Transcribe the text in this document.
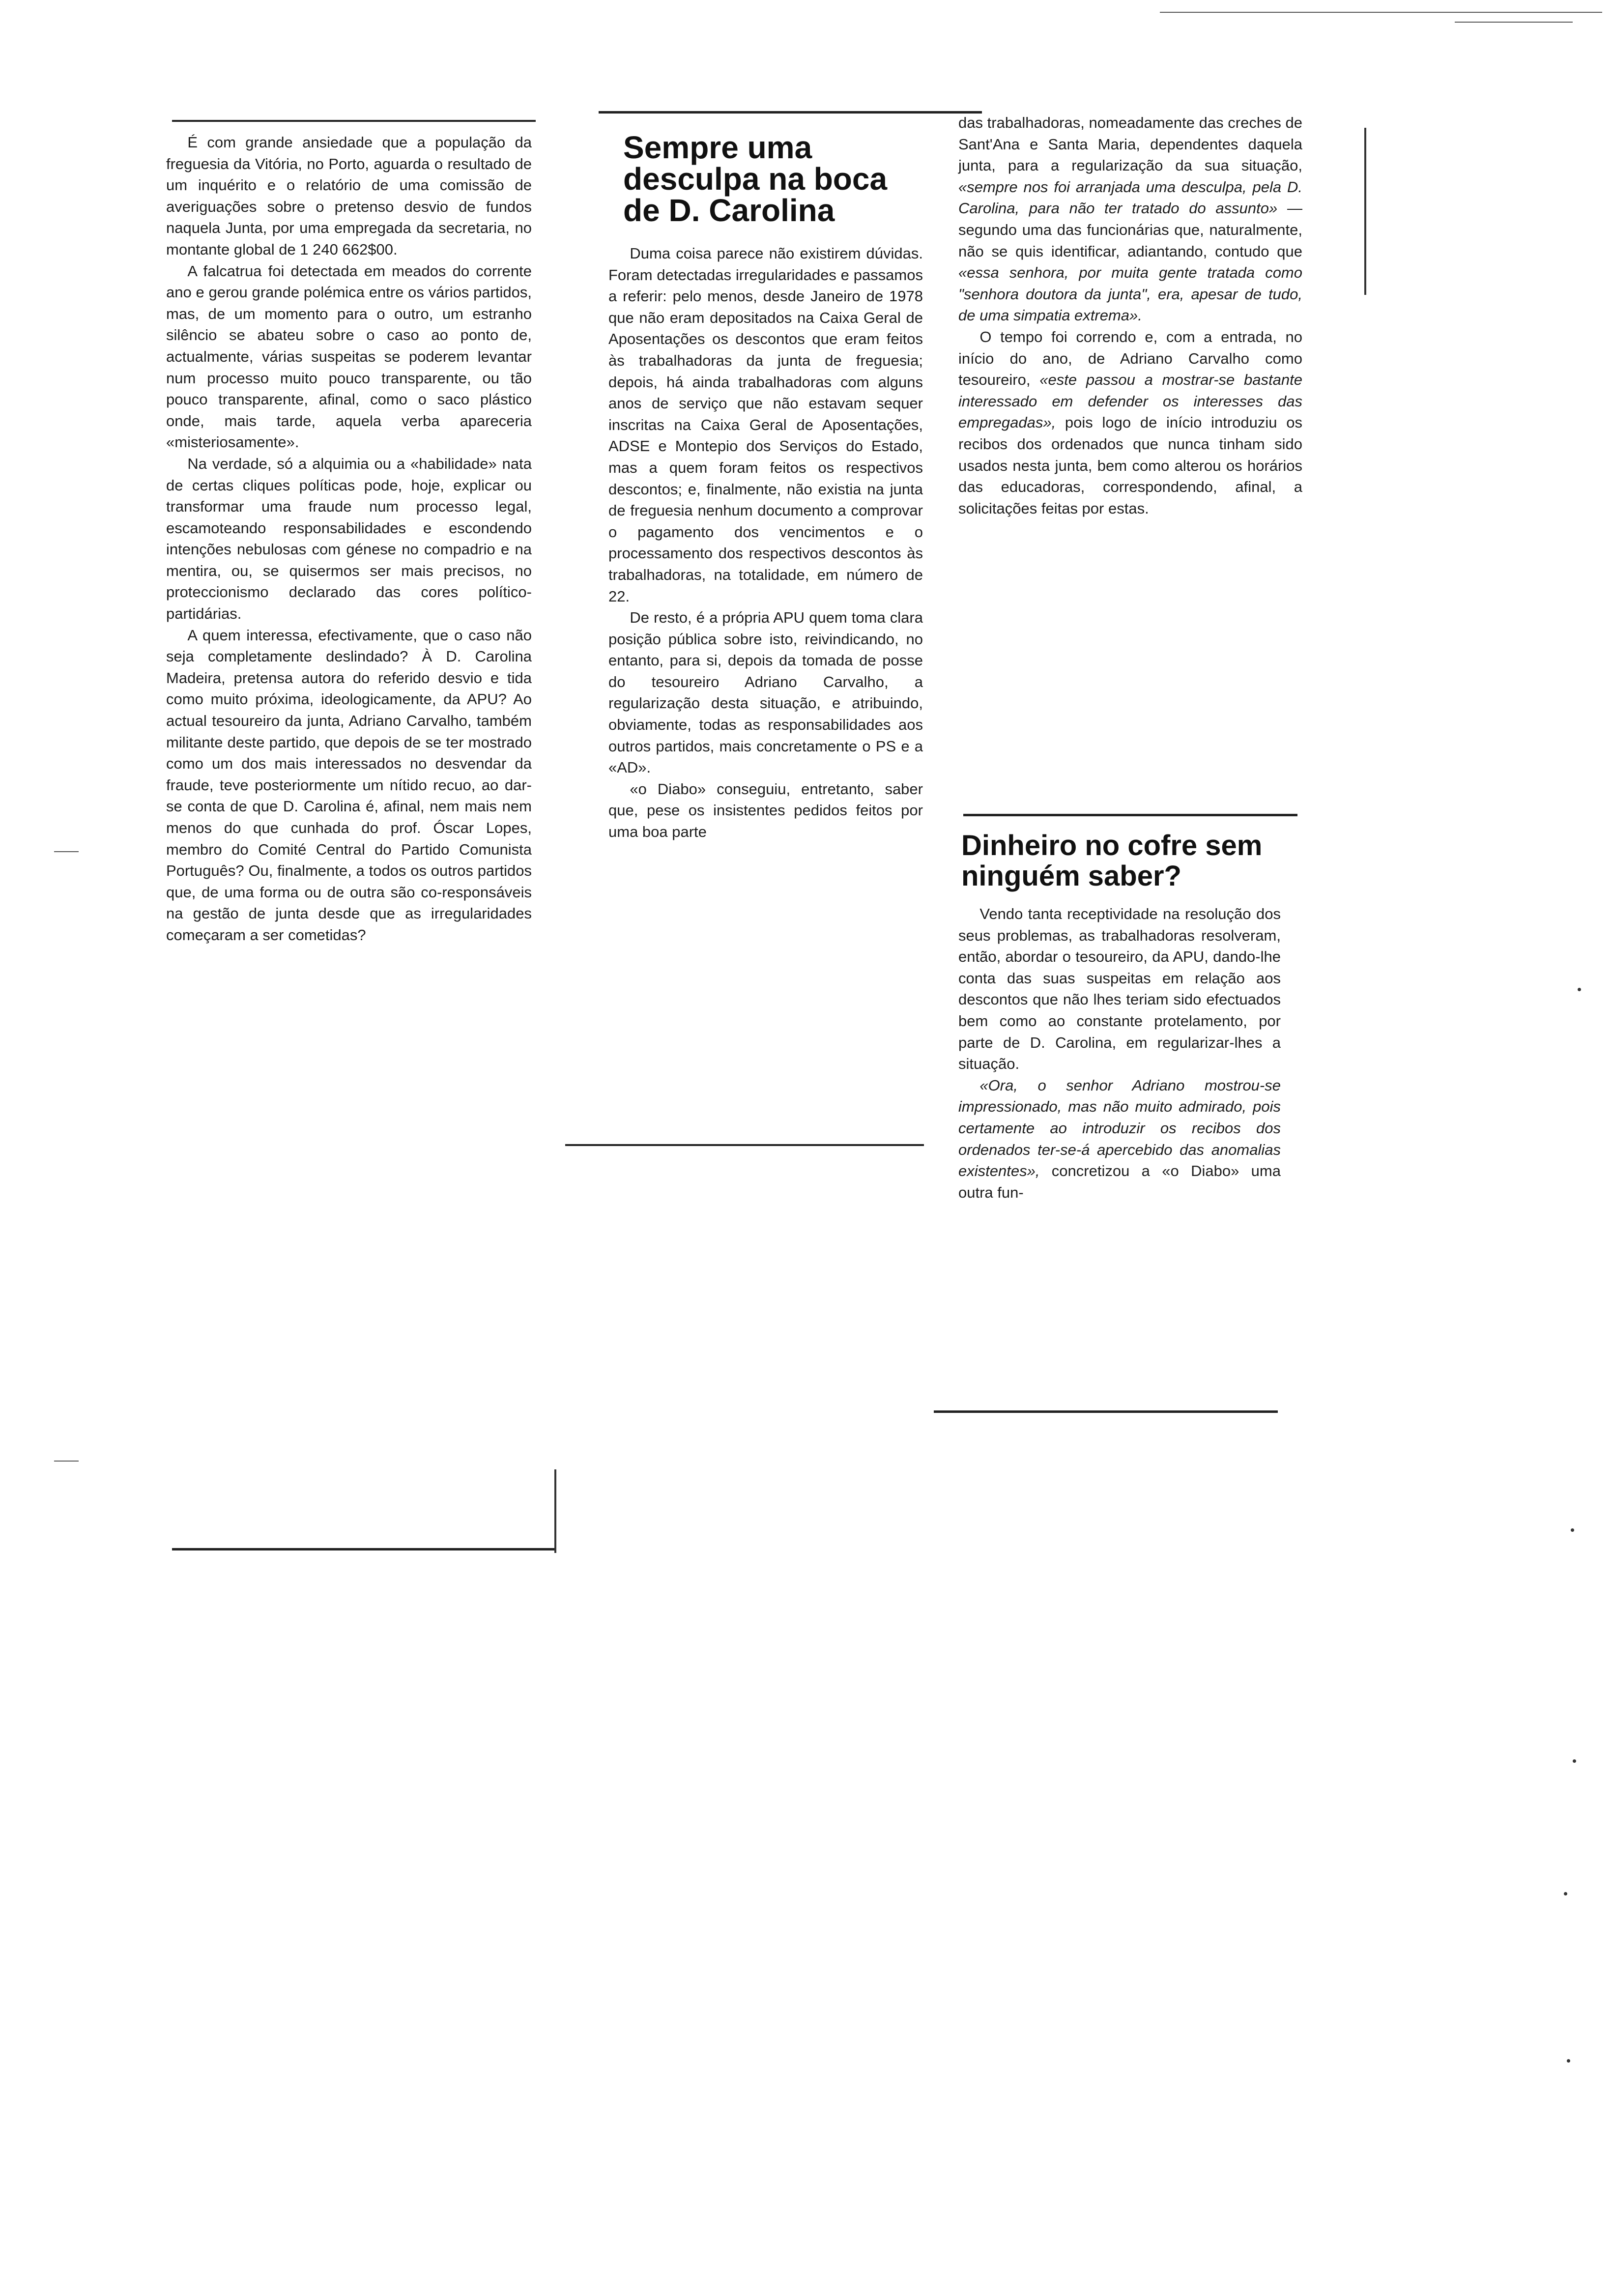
É com grande ansiedade que a população da freguesia da Vitória, no Porto, aguarda o resultado de um inquérito e o relatório de uma comissão de averiguações sobre o pretenso desvio de fundos naquela Junta, por uma empregada da secretaria, no montante global de 1 240 662$00.

A falcatrua foi detectada em meados do corrente ano e gerou grande polémica entre os vários partidos, mas, de um momento para o outro, um estranho silêncio se abateu sobre o caso ao ponto de, actualmente, várias suspeitas se poderem levantar num processo muito pouco transparente, ou tão pouco transparente, afinal, como o saco plástico onde, mais tarde, aquela verba apareceria «misteriosamente».

Na verdade, só a alquimia ou a «habilidade» nata de certas cliques políticas pode, hoje, explicar ou transformar uma fraude num processo legal, escamoteando responsabilidades e escondendo intenções nebulosas com génese no compadrio e na mentira, ou, se quisermos ser mais precisos, no proteccionismo declarado das cores político-partidárias.

A quem interessa, efectivamente, que o caso não seja completamente deslindado? À D. Carolina Madeira, pretensa autora do referido desvio e tida como muito próxima, ideologicamente, da APU? Ao actual tesoureiro da junta, Adriano Carvalho, também militante deste partido, que depois de se ter mostrado como um dos mais interessados no desvendar da fraude, teve posteriormente um nítido recuo, ao dar-se conta de que D. Carolina é, afinal, nem mais nem menos do que cunhada do prof. Óscar Lopes, membro do Comité Central do Partido Comunista Português? Ou, finalmente, a todos os outros partidos que, de uma forma ou de outra são co-responsáveis na gestão de junta desde que as irregularidades começaram a ser cometidas?

Sempre uma desculpa na boca de D. Carolina

Duma coisa parece não existirem dúvidas. Foram detectadas irregularidades e passamos a referir: pelo menos, desde Janeiro de 1978 que não eram depositados na Caixa Geral de Aposentações os descontos que eram feitos às trabalhadoras da junta de freguesia; depois, há ainda trabalhadoras com alguns anos de serviço que não estavam sequer inscritas na Caixa Geral de Aposentações, ADSE e Montepio dos Serviços do Estado, mas a quem foram feitos os respectivos descontos; e, finalmente, não existia na junta de freguesia nenhum documento a comprovar o pagamento dos vencimentos e o processamento dos respectivos descontos às trabalhadoras, na totalidade, em número de 22.

De resto, é a própria APU quem toma clara posição pública sobre isto, reivindicando, no entanto, para si, depois da tomada de posse do tesoureiro Adriano Carvalho, a regularização desta situação, e atribuindo, obviamente, todas as responsabilidades aos outros partidos, mais concretamente o PS e a «AD».

«o Diabo» conseguiu, entretanto, saber que, pese os insistentes pedidos feitos por uma boa parte

das trabalhadoras, nomeadamente das creches de Sant'Ana e Santa Maria, dependentes daquela junta, para a regularização da sua situação, «sempre nos foi arranjada uma desculpa, pela D. Carolina, para não ter tratado do assunto» — segundo uma das funcionárias que, naturalmente, não se quis identificar, adiantando, contudo que «essa senhora, por muita gente tratada como "senhora doutora da junta", era, apesar de tudo, de uma simpatia extrema».

O tempo foi correndo e, com a entrada, no início do ano, de Adriano Carvalho como tesoureiro, «este passou a mostrar-se bastante interessado em defender os interesses das empregadas», pois logo de início introduziu os recibos dos ordenados que nunca tinham sido usados nesta junta, bem como alterou os horários das educadoras, correspondendo, afinal, a solicitações feitas por estas.

Dinheiro no cofre sem ninguém saber?

Vendo tanta receptividade na resolução dos seus problemas, as trabalhadoras resolveram, então, abordar o tesoureiro, da APU, dando-lhe conta das suas suspeitas em relação aos descontos que não lhes teriam sido efectuados bem como ao constante protelamento, por parte de D. Carolina, em regularizar-lhes a situação.

«Ora, o senhor Adriano mostrou-se impressionado, mas não muito admirado, pois certamente ao introduzir os recibos dos ordenados ter-se-á apercebido das anomalias existentes», concretizou a «o Diabo» uma outra fun-
